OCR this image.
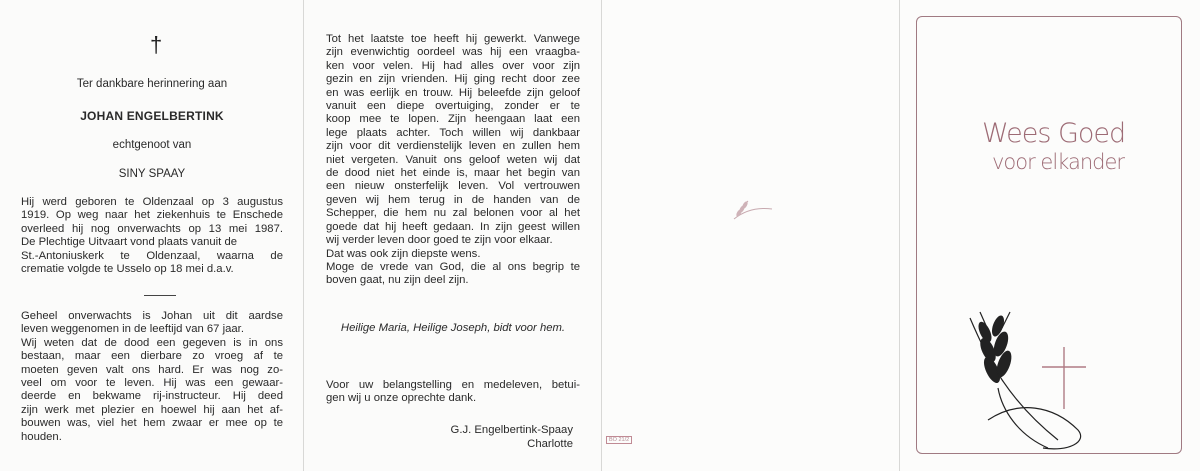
†
Ter dankbare herinnering aan
JOHAN ENGELBERTINK
echtgenoot van
SINY SPAAY
Hij werd geboren te Oldenzaal op 3 augustus
1919. Op weg naar het ziekenhuis te Enschede
overleed hij nog onverwachts op 13 mei 1987.
De Plechtige Uitvaart vond plaats vanuit de
St.-Antoniuskerk te Oldenzaal, waarna de
crematie volgde te Usselo op 18 mei d.a.v.
Geheel onverwachts is Johan uit dit aardse
leven weggenomen in de leeftijd van 67 jaar.
Wij weten dat de dood een gegeven is in ons
bestaan, maar een dierbare zo vroeg af te
moeten geven valt ons hard. Er was nog zo-
veel om voor te leven. Hij was een gewaar-
deerde en bekwame rij-instructeur. Hij deed
zijn werk met plezier en hoewel hij aan het af-
bouwen was, viel het hem zwaar er mee op te
houden.
Tot het laatste toe heeft hij gewerkt. Vanwege
zijn evenwichtig oordeel was hij een vraagba-
ken voor velen. Hij had alles over voor zijn
gezin en zijn vrienden. Hij ging recht door zee
en was eerlijk en trouw. Hij beleefde zijn geloof
vanuit een diepe overtuiging, zonder er te
koop mee te lopen. Zijn heengaan laat een
lege plaats achter. Toch willen wij dankbaar
zijn voor dit verdienstelijk leven en zullen hem
niet vergeten. Vanuit ons geloof weten wij dat
de dood niet het einde is, maar het begin van
een nieuw onsterfelijk leven. Vol vertrouwen
geven wij hem terug in de handen van de
Schepper, die hem nu zal belonen voor al het
goede dat hij heeft gedaan. In zijn geest willen
wij verder leven door goed te zijn voor elkaar.
Dat was ook zijn diepste wens.
Moge de vrede van God, die al ons begrip te
boven gaat, nu zijn deel zijn.
Heilige Maria, Heilige Joseph, bidt voor hem.
Voor uw belangstelling en medeleven, betui-
gen wij u onze oprechte dank.
G.J. Engelbertink-Spaay
Charlotte	BO 21/2
Wees Goed
voor elkander
